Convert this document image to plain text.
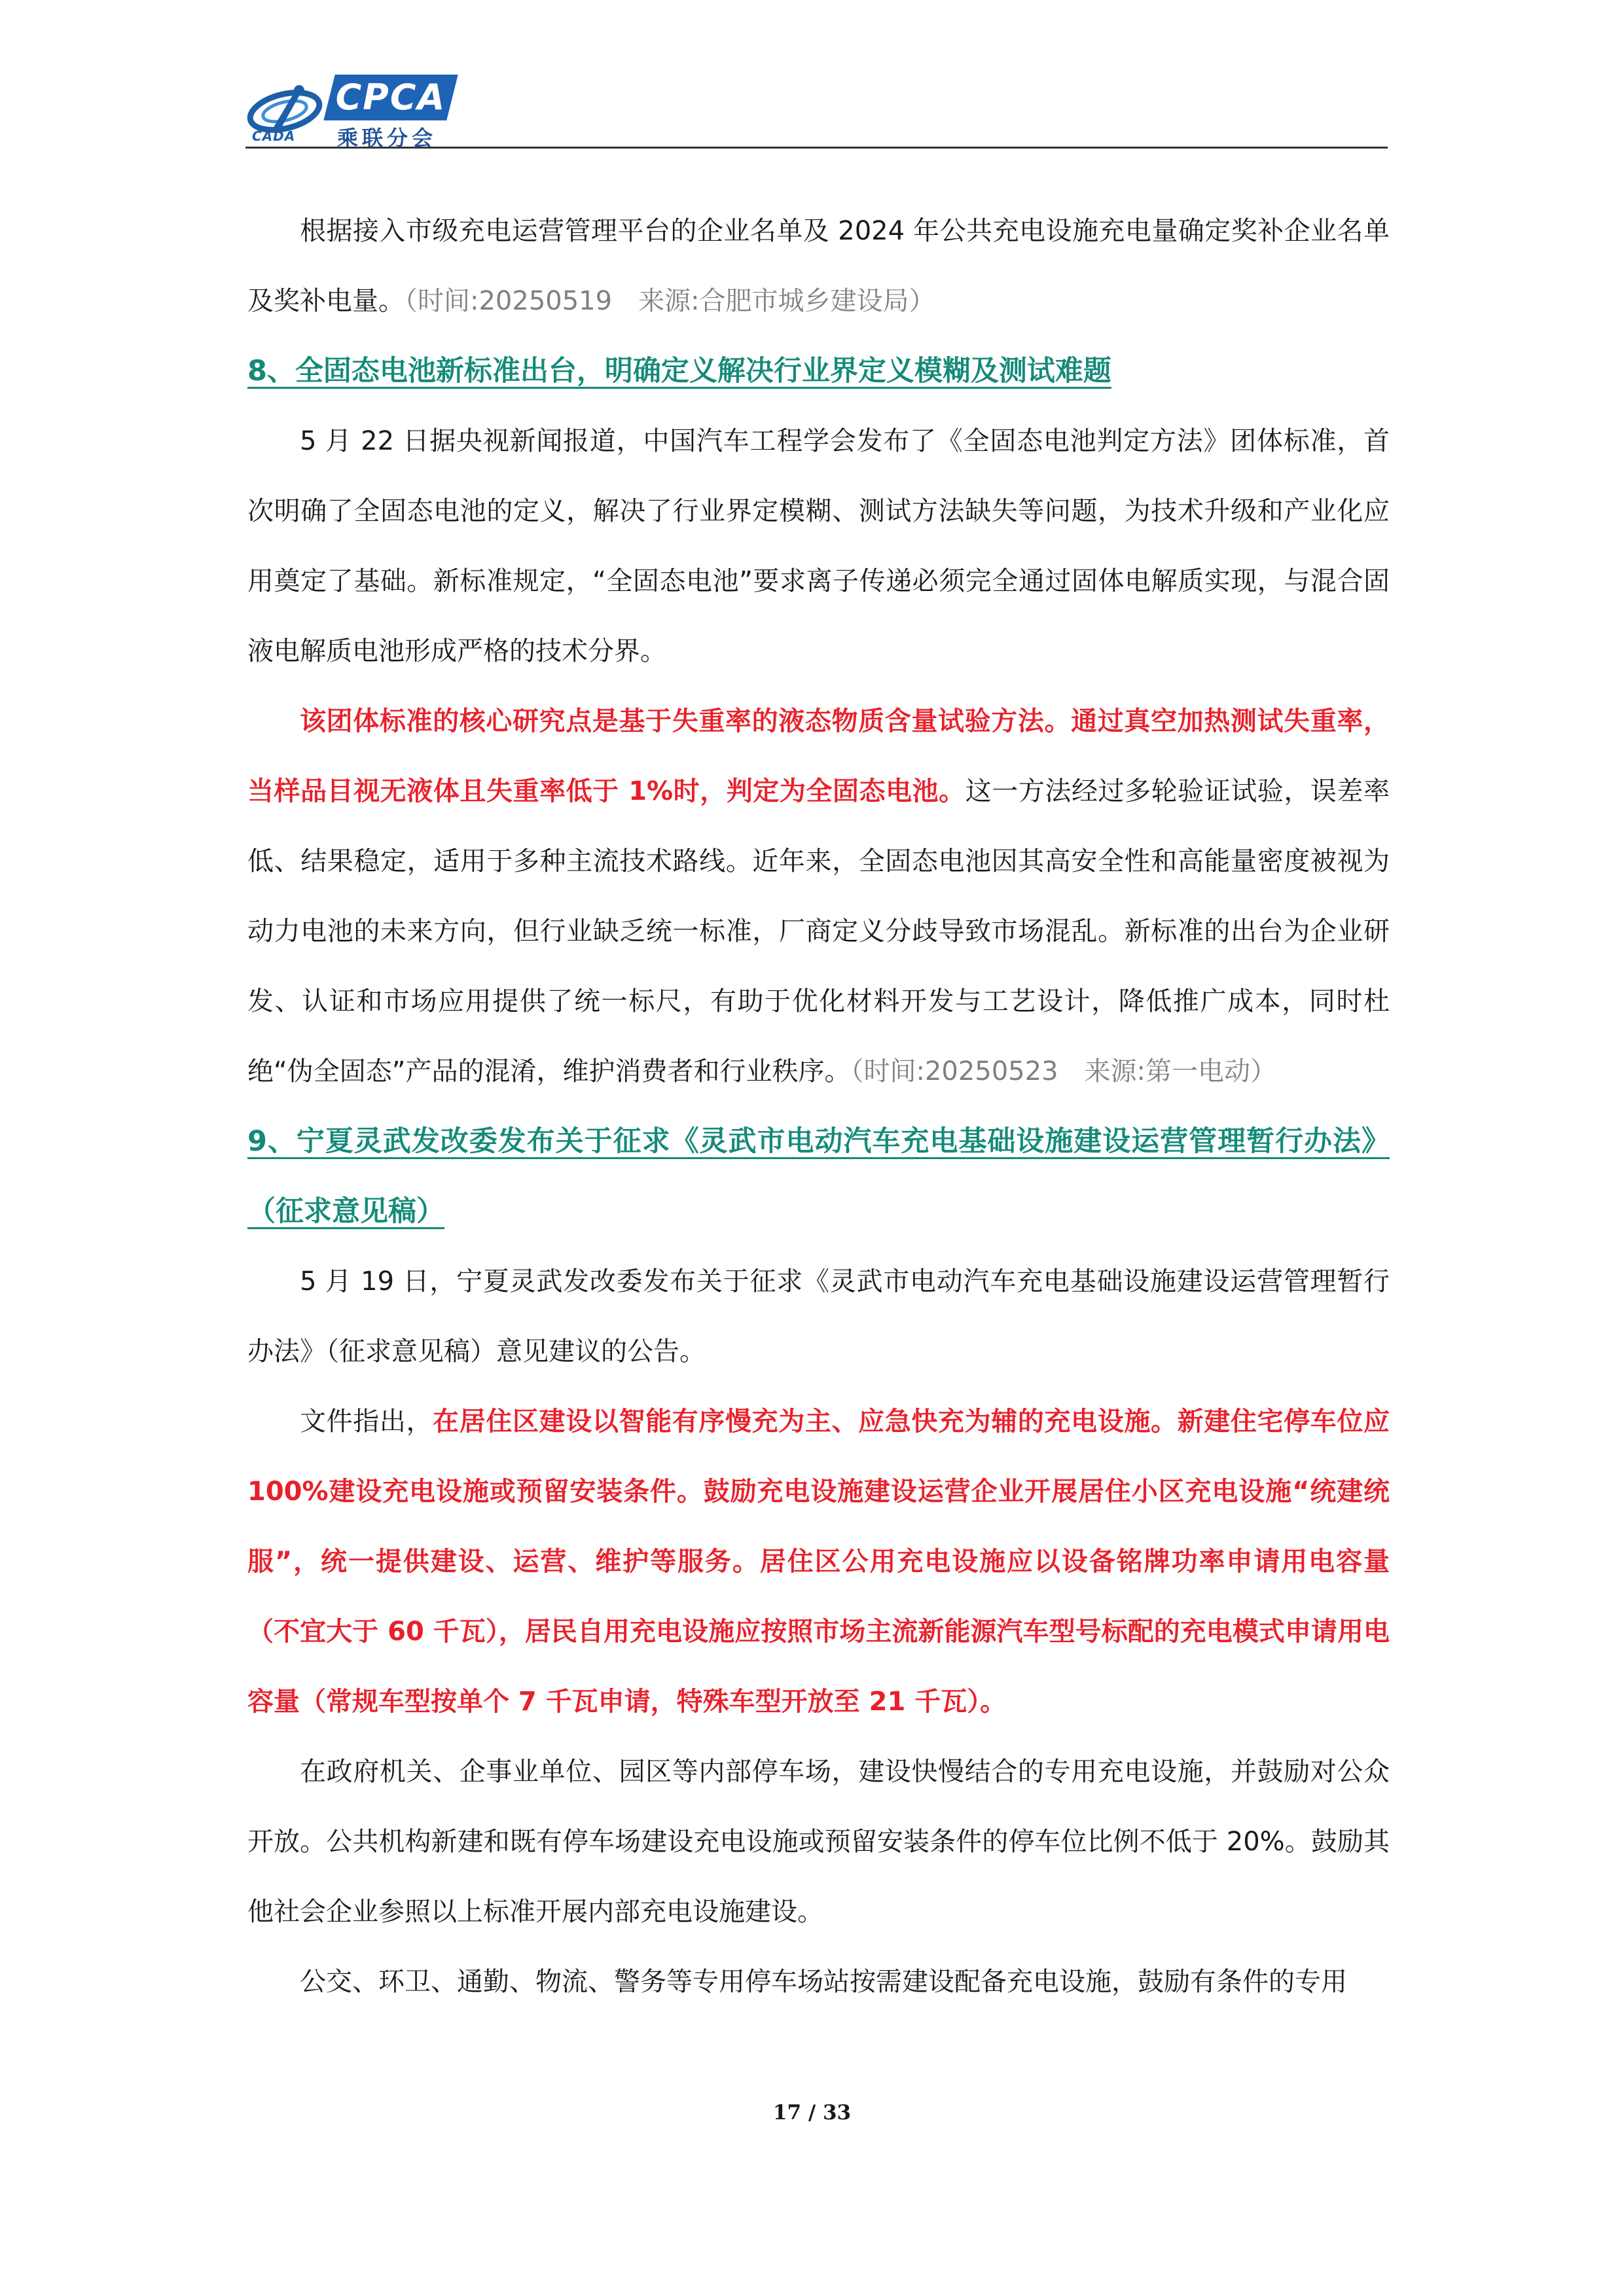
CADA
CPCA
乘联分会

根据接入市级充电运营管理平台的企业名单及 2024 年公共充电设施充电量确定奖补企业名单及奖补电量。（时间:20250519　来源:合肥市城乡建设局）

8、全固态电池新标准出台，明确定义解决行业界定义模糊及测试难题

5 月 22 日据央视新闻报道，中国汽车工程学会发布了《全固态电池判定方法》团体标准，首次明确了全固态电池的定义，解决了行业界定模糊、测试方法缺失等问题，为技术升级和产业化应用奠定了基础。新标准规定，“全固态电池”要求离子传递必须完全通过固体电解质实现，与混合固液电解质电池形成严格的技术分界。

该团体标准的核心研究点是基于失重率的液态物质含量试验方法。通过真空加热测试失重率，当样品目视无液体且失重率低于 1%时，判定为全固态电池。这一方法经过多轮验证试验，误差率低、结果稳定，适用于多种主流技术路线。近年来，全固态电池因其高安全性和高能量密度被视为动力电池的未来方向，但行业缺乏统一标准，厂商定义分歧导致市场混乱。新标准的出台为企业研发、认证和市场应用提供了统一标尺，有助于优化材料开发与工艺设计，降低推广成本，同时杜绝“伪全固态”产品的混淆，维护消费者和行业秩序。（时间:20250523　来源:第一电动）

9、宁夏灵武发改委发布关于征求《灵武市电动汽车充电基础设施建设运营管理暂行办法》（征求意见稿）

5 月 19 日，宁夏灵武发改委发布关于征求《灵武市电动汽车充电基础设施建设运营管理暂行办法》（征求意见稿）意见建议的公告。

文件指出，在居住区建设以智能有序慢充为主、应急快充为辅的充电设施。新建住宅停车位应 100%建设充电设施或预留安装条件。鼓励充电设施建设运营企业开展居住小区充电设施“统建统服”，统一提供建设、运营、维护等服务。居住区公用充电设施应以设备铭牌功率申请用电容量（不宜大于 60 千瓦），居民自用充电设施应按照市场主流新能源汽车型号标配的充电模式申请用电容量（常规车型按单个 7 千瓦申请，特殊车型开放至 21 千瓦）。

在政府机关、企事业单位、园区等内部停车场，建设快慢结合的专用充电设施，并鼓励对公众开放。公共机构新建和既有停车场建设充电设施或预留安装条件的停车位比例不低于 20%。鼓励其他社会企业参照以上标准开展内部充电设施建设。

公交、环卫、通勤、物流、警务等专用停车场站按需建设配备充电设施，鼓励有条件的专用

17 / 33
